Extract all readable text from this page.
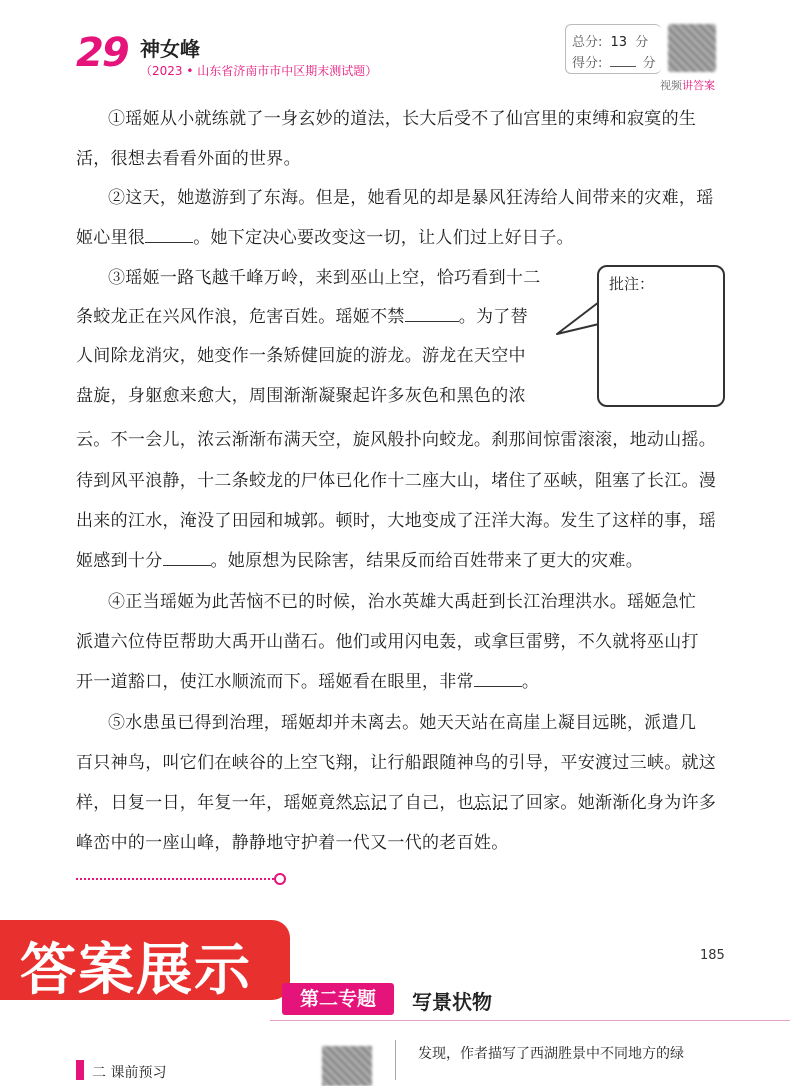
29 神女峰
（2023 • 山东省济南市市中区期末测试题）
总分: 13 分
得分:	分
视频讲答案
①瑶姬从小就练就了一身玄妙的道法，长大后受不了仙宫里的束缚和寂寞的生
活，很想去看看外面的世界。
②这天，她遨游到了东海。但是，她看见的却是暴风狂涛给人间带来的灾难，瑶
姬心里很	。她下定决心要改变这一切，让人们过上好日子。
③瑶姬一路飞越千峰万岭，来到巫山上空，恰巧看到十二
条蛟龙正在兴风作浪，危害百姓。瑶姬不禁	。为了替
人间除龙消灾，她变作一条矫健回旋的游龙。游龙在天空中
盘旋，身躯愈来愈大，周围渐渐凝聚起许多灰色和黑色的浓
云。不一会儿，浓云渐渐布满天空，旋风般扑向蛟龙。刹那间惊雷滚滚，地动山摇。
待到风平浪静，十二条蛟龙的尸体已化作十二座大山，堵住了巫峡，阻塞了长江。漫
出来的江水，淹没了田园和城郭。顿时，大地变成了汪洋大海。发生了这样的事，瑶
姬感到十分	。她原想为民除害，结果反而给百姓带来了更大的灾难。
④正当瑶姬为此苦恼不已的时候，治水英雄大禹赶到长江治理洪水。瑶姬急忙
派遣六位侍臣帮助大禹开山凿石。他们或用闪电轰，或拿巨雷劈，不久就将巫山打
开一道豁口，使江水顺流而下。瑶姬看在眼里，非常	。
⑤水患虽已得到治理，瑶姬却并未离去。她天天站在高崖上凝目远眺，派遣几
百只神鸟，叫它们在峡谷的上空飞翔，让行船跟随神鸟的引导，平安渡过三峡。就这
样，日复一日，年复一年，瑶姬竟然忘记了自己，也忘记了回家。她渐渐化身为许多
峰峦中的一座山峰，静静地守护着一代又一代的老百姓。
批注：
答案展示	185
第二专题	写景状物
二 课前预习
发现，作者描写了西湖胜景中不同地方的绿
